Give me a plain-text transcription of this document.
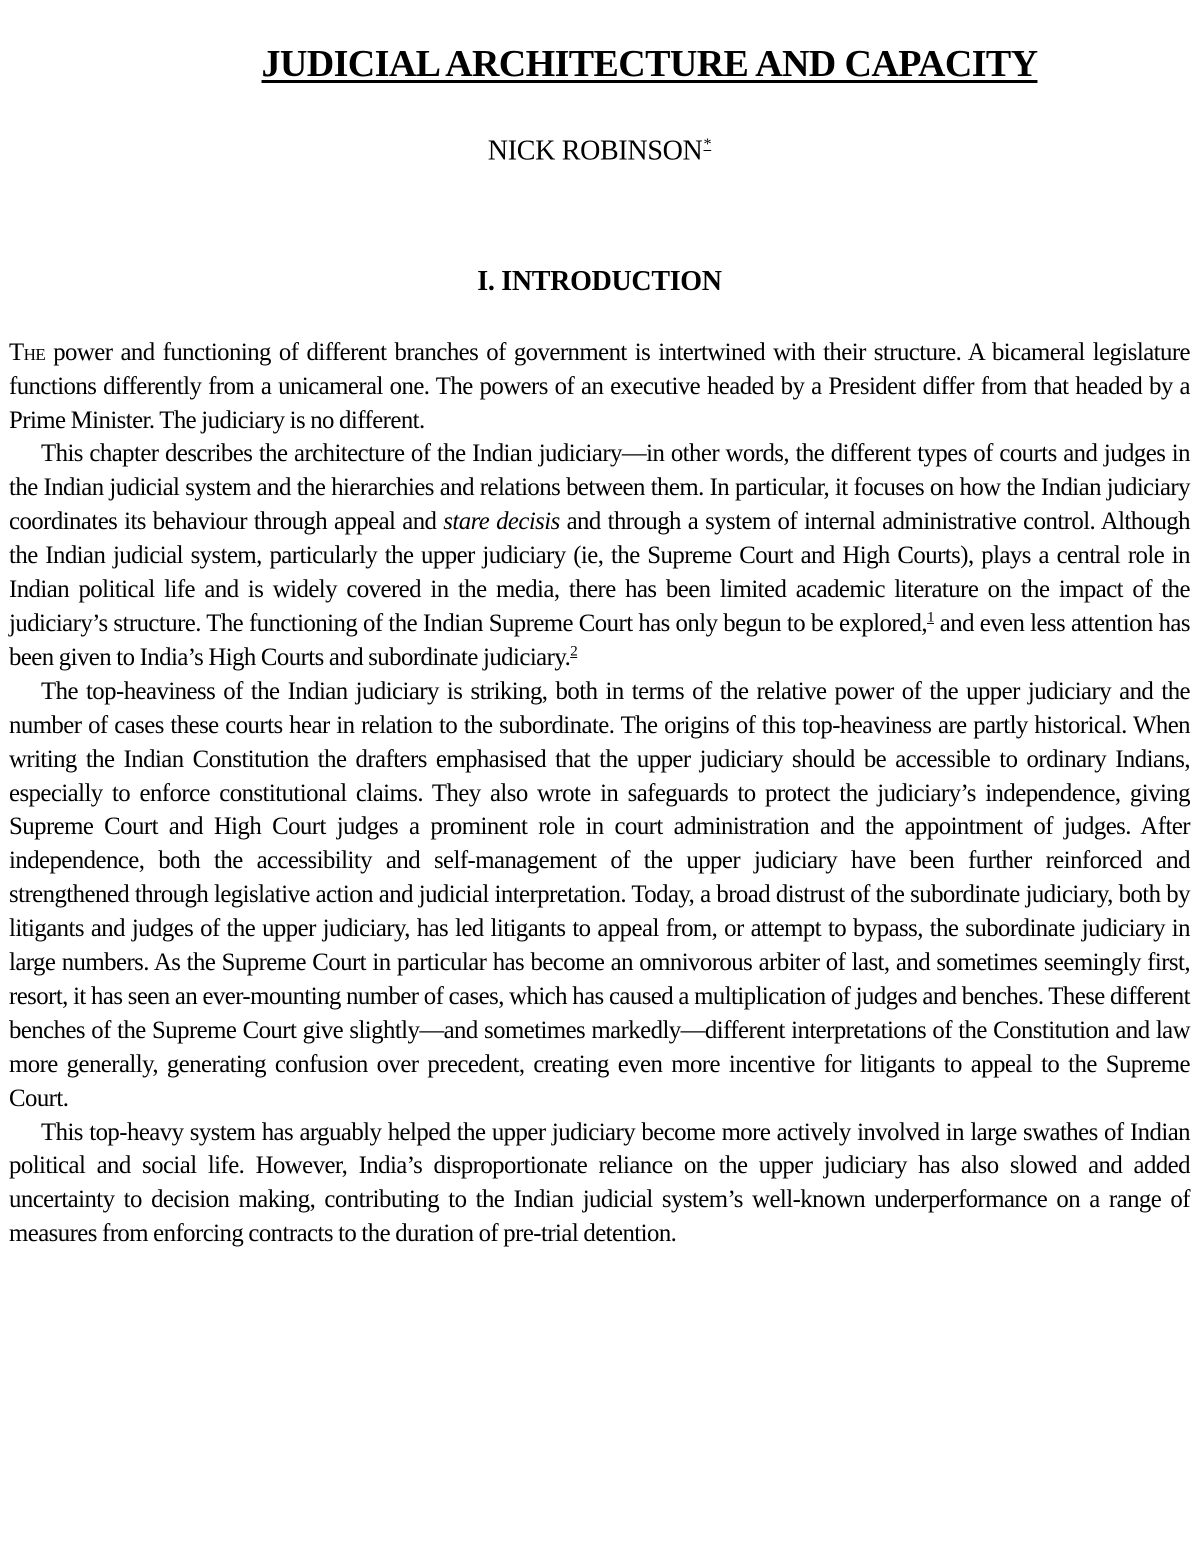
JUDICIAL ARCHITECTURE AND CAPACITY
NICK ROBINSON*
I. INTRODUCTION

The power and functioning of different branches of government is intertwined with their structure. A bicameral legislature functions differently from a unicameral one. The powers of an executive headed by a President differ from that headed by a Prime Minister. The judiciary is no different.

This chapter describes the architecture of the Indian judiciary—in other words, the different types of courts and judges in the Indian judicial system and the hierarchies and relations between them. In particular, it focuses on how the Indian judiciary coordinates its behaviour through appeal and stare decisis and through a system of internal administrative control. Although the Indian judicial system, particularly the upper judiciary (ie, the Supreme Court and High Courts), plays a central role in Indian political life and is widely covered in the media, there has been limited academic literature on the impact of the judiciary’s structure. The functioning of the Indian Supreme Court has only begun to be explored,$^1$ and even less attention has been given to India’s High Courts and subordinate judiciary.$^2$

The top-heaviness of the Indian judiciary is striking, both in terms of the relative power of the upper judiciary and the number of cases these courts hear in relation to the subordinate. The origins of this top-heaviness are partly historical. When writing the Indian Constitution the drafters emphasised that the upper judiciary should be accessible to ordinary Indians, especially to enforce constitutional claims. They also wrote in safeguards to protect the judiciary’s independence, giving Supreme Court and High Court judges a prominent role in court administration and the appointment of judges. After independence, both the accessibility and self-management of the upper judiciary have been further reinforced and strengthened through legislative action and judicial interpretation. Today, a broad distrust of the subordinate judiciary, both by litigants and judges of the upper judiciary, has led litigants to appeal from, or attempt to bypass, the subordinate judiciary in large numbers. As the Supreme Court in particular has become an omnivorous arbiter of last, and sometimes seemingly first, resort, it has seen an ever-mounting number of cases, which has caused a multiplication of judges and benches. These different benches of the Supreme Court give slightly—and sometimes markedly—different interpretations of the Constitution and law more generally, generating confusion over precedent, creating even more incentive for litigants to appeal to the Supreme Court.

This top-heavy system has arguably helped the upper judiciary become more actively involved in large swathes of Indian political and social life. However, India’s disproportionate reliance on the upper judiciary has also slowed and added uncertainty to decision making, contributing to the Indian judicial system’s well-known underperformance on a range of measures from enforcing contracts to the duration of pre-trial detention.
